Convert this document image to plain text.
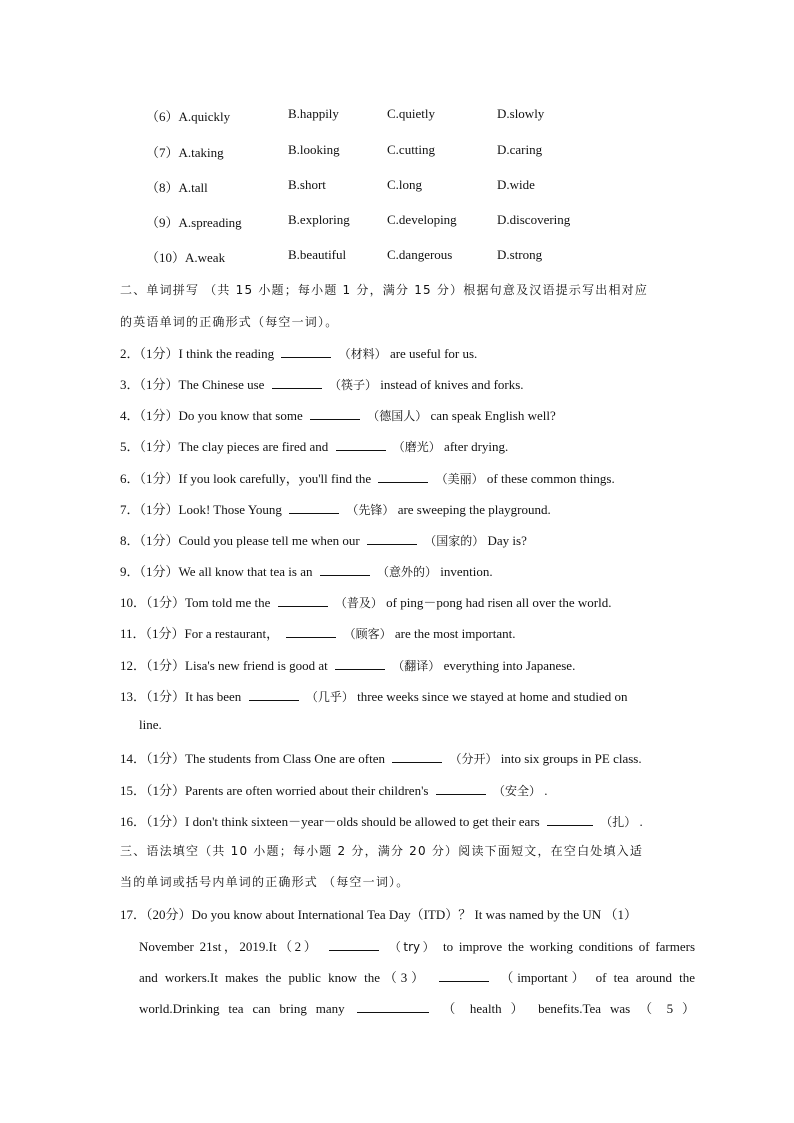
（6）A.quickly	B.happily	C.quietly	D.slowly
（7）A.taking	B.looking	C.cutting	D.caring
（8）A.tall	B.short	C.long	D.wide
（9）A.spreading	B.exploring	C.developing	D.discovering
（10）A.weak	B.beautiful	C.dangerous	D.strong
二、单词拼写 （共 15 小题；每小题 1 分，满分 15 分）根据句意及汉语提示写出相对应
的英语单词的正确形式（每空一词）。
2．（1分）I think the reading	（材料） are useful for us.
3．（1分）The Chinese use	（筷子） instead of knives and forks.
4．（1分）Do you know that some	（德国人） can speak English well?
5．（1分）The clay pieces are fired and	（磨光） after drying.
6．（1分）If you look carefully，you'll find the	（美丽） of these common things.
7．（1分）Look! Those Young	（先锋） are sweeping the playground.
8．（1分）Could you please tell me when our	（国家的） Day is?
9．（1分）We all know that tea is an	（意外的） invention.
10．（1分）Tom told me the	（普及） of ping－pong had risen all over the world.
11．（1分）For a restaurant，	（顾客） are the most important.
12．（1分）Lisa's new friend is good at	（翻译） everything into Japanese.
13．（1分）It has been	（几乎） three weeks since we stayed at home and studied on
line.
14．（1分）The students from Class One are often	（分开） into six groups in PE class.
15．（1分）Parents are often worried about their children's	（安全） .
16．（1分）I don't think sixteen－year－olds should be allowed to get their ears	（扎） .
三、语法填空（共 10 小题；每小题 2 分，满分 20 分）阅读下面短文，在空白处填入适
当的单词或括号内单词的正确形式 （每空一词）。
17．（20分）Do you know about International Tea Day（ITD）？ It was named by the UN （1）
November 21st，2019.It（2）	（try） to improve the working conditions of farmers
and workers.It makes the public know the（3）	（important） of tea around the
world.Drinking tea can bring many	（ health ） benefits.Tea was （ 5 ）
